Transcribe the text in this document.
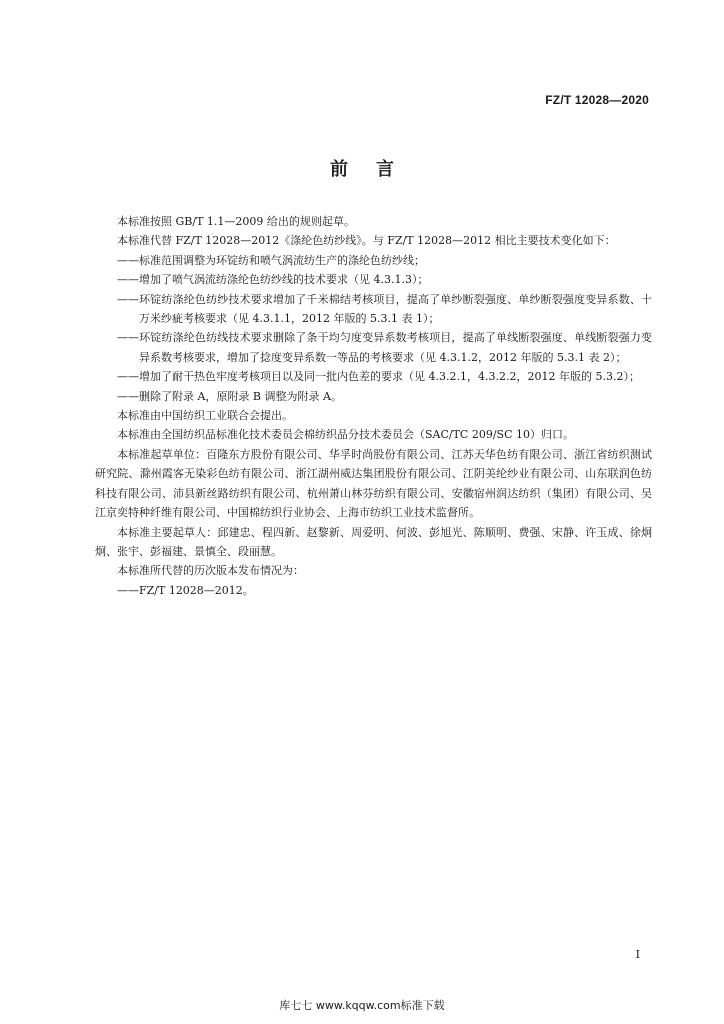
FZ/T 12028—2020
前言

本标准按照 GB/T 1.1—2009 给出的规则起草。

本标准代替 FZ/T 12028—2012《涤纶色纺纱线》。与 FZ/T 12028—2012 相比主要技术变化如下：

——标准范围调整为环锭纺和喷气涡流纺生产的涤纶色纺纱线；

——增加了喷气涡流纺涤纶色纺纱线的技术要求（见 4.3.1.3）；

——环锭纺涤纶色纺纱技术要求增加了千米棉结考核项目，提高了单纱断裂强度、单纱断裂强度变异系数、十万米纱疵考核要求（见 4.3.1.1，2012 年版的 5.3.1 表 1）；

——环锭纺涤纶色纺线技术要求删除了条干均匀度变异系数考核项目，提高了单线断裂强度、单线断裂强力变异系数考核要求，增加了捻度变异系数一等品的考核要求（见 4.3.1.2，2012 年版的 5.3.1 表 2）；

——增加了耐干热色牢度考核项目以及同一批内色差的要求（见 4.3.2.1，4.3.2.2，2012 年版的 5.3.2）；

——删除了附录 A，原附录 B 调整为附录 A。

本标准由中国纺织工业联合会提出。

本标准由全国纺织品标准化技术委员会棉纺织品分技术委员会（SAC/TC 209/SC 10）归口。

本标准起草单位：百隆东方股份有限公司、华孚时尚股份有限公司、江苏天华色纺有限公司、浙江省纺织测试研究院、滁州霞客无染彩色纺有限公司、浙江湖州威达集团股份有限公司、江阴美纶纱业有限公司、山东联润色纺科技有限公司、沛县新丝路纺织有限公司、杭州萧山林芬纺织有限公司、安徽宿州润达纺织（集团）有限公司、吴江京奕特种纤维有限公司、中国棉纺织行业协会、上海市纺织工业技术监督所。

本标准主要起草人：邱建忠、程四新、赵黎新、周爱明、何波、彭旭光、陈顺明、费强、宋静、许玉成、徐炯炯、张宇、彭福建、景慎全、段丽慧。

本标准所代替的历次版本发布情况为：

——FZ/T 12028—2012。

I
库七七 www.kqqw.com标准下载
